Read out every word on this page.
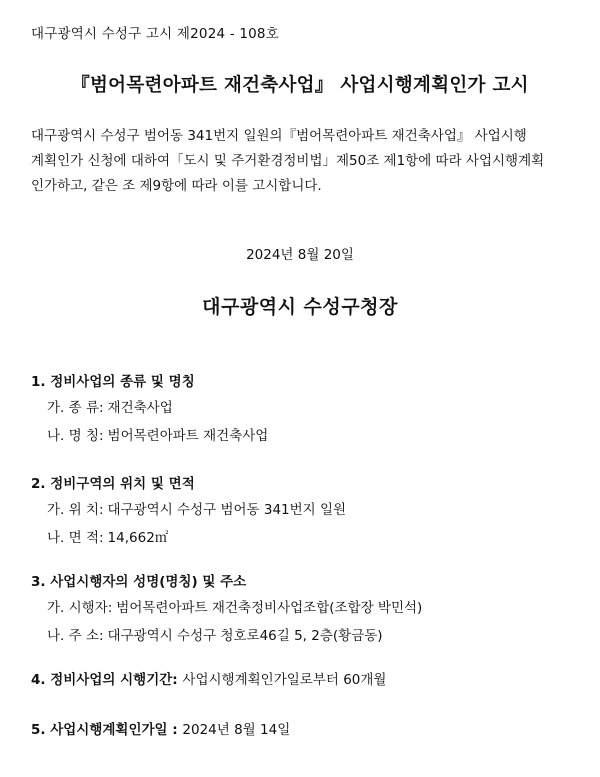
대구광역시 수성구 고시 제2024 - 108호
『범어목련아파트 재건축사업』 사업시행계획인가 고시
대구광역시 수성구 범어동 341번지 일원의『범어목련아파트 재건축사업』 사업시행
계획인가 신청에 대하여「도시 및 주거환경정비법」제50조 제1항에 따라 사업시행계획
인가하고, 같은 조 제9항에 따라 이를 고시합니다.
2024년 8월 20일
대구광역시 수성구청장
1. 정비사업의 종류 및 명칭
가. 종 류: 재건축사업
나. 명 칭: 범어목련아파트 재건축사업
2. 정비구역의 위치 및 면적
가. 위 치: 대구광역시 수성구 범어동 341번지 일원
나. 면 적: 14,662㎡
3. 사업시행자의 성명(명칭) 및 주소
가. 시행자: 범어목련아파트 재건축정비사업조합(조합장 박민석)
나. 주 소: 대구광역시 수성구 청호로46길 5, 2층(황금동)
4. 정비사업의 시행기간: 사업시행계획인가일로부터 60개월
5. 사업시행계획인가일 : 2024년 8월 14일
